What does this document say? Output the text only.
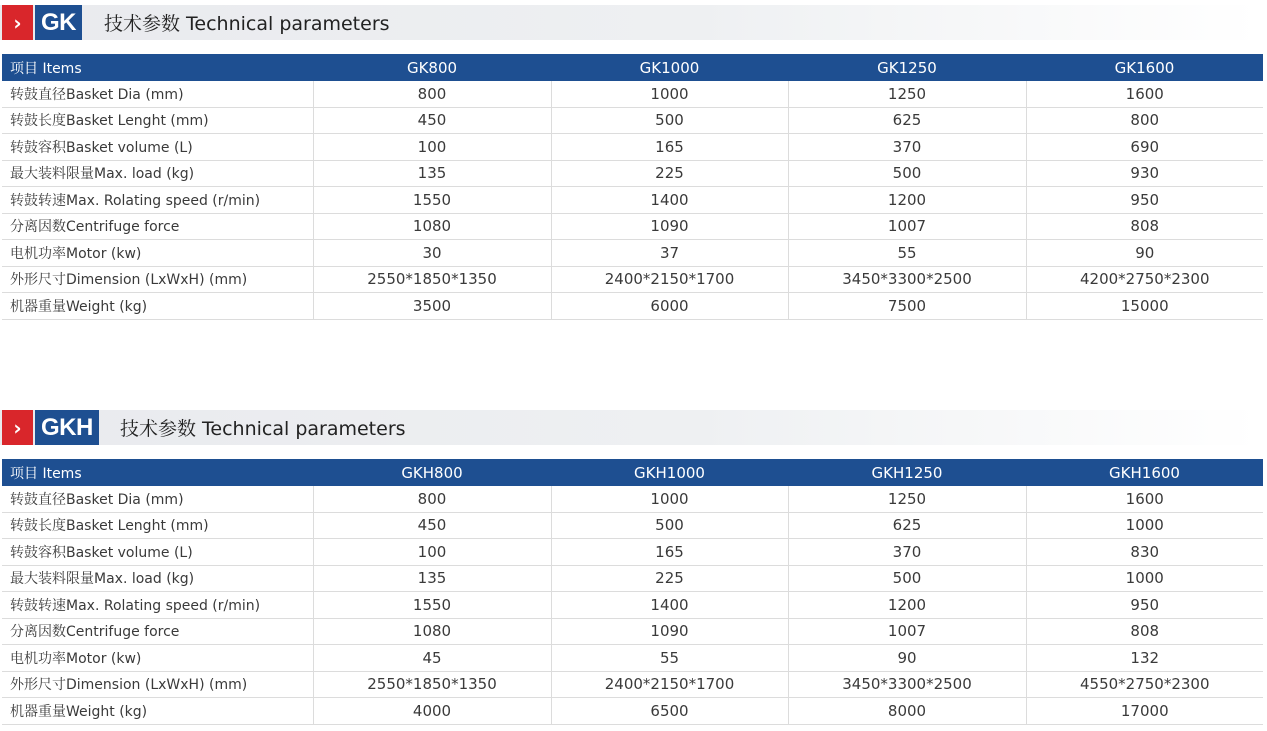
› GK	技术参数 Technical parameters
项目 Items	GK800	GK1000	GK1250	GK1600
转鼓直径Basket Dia (mm)	800	1000	1250	1600
转鼓长度Basket Lenght (mm)	450	500	625	800
转鼓容积Basket volume (L)	100	165	370	690
最大装料限量Max. load (kg)	135	225	500	930
转鼓转速Max. Rolating speed (r/min)	1550	1400	1200	950
分离因数Centrifuge force	1080	1090	1007	808
电机功率Motor (kw)	30	37	55	90
外形尺寸Dimension (LxWxH) (mm)	2550*1850*1350	2400*2150*1700	3450*3300*2500	4200*2750*2300
机器重量Weight (kg)	3500	6000	7500	15000
› GKH	技术参数 Technical parameters
项目 Items	GKH800	GKH1000	GKH1250	GKH1600
转鼓直径Basket Dia (mm)	800	1000	1250	1600
转鼓长度Basket Lenght (mm)	450	500	625	1000
转鼓容积Basket volume (L)	100	165	370	830
最大装料限量Max. load (kg)	135	225	500	1000
转鼓转速Max. Rolating speed (r/min)	1550	1400	1200	950
分离因数Centrifuge force	1080	1090	1007	808
电机功率Motor (kw)	45	55	90	132
外形尺寸Dimension (LxWxH) (mm)	2550*1850*1350	2400*2150*1700	3450*3300*2500	4550*2750*2300
机器重量Weight (kg)	4000	6500	8000	17000
